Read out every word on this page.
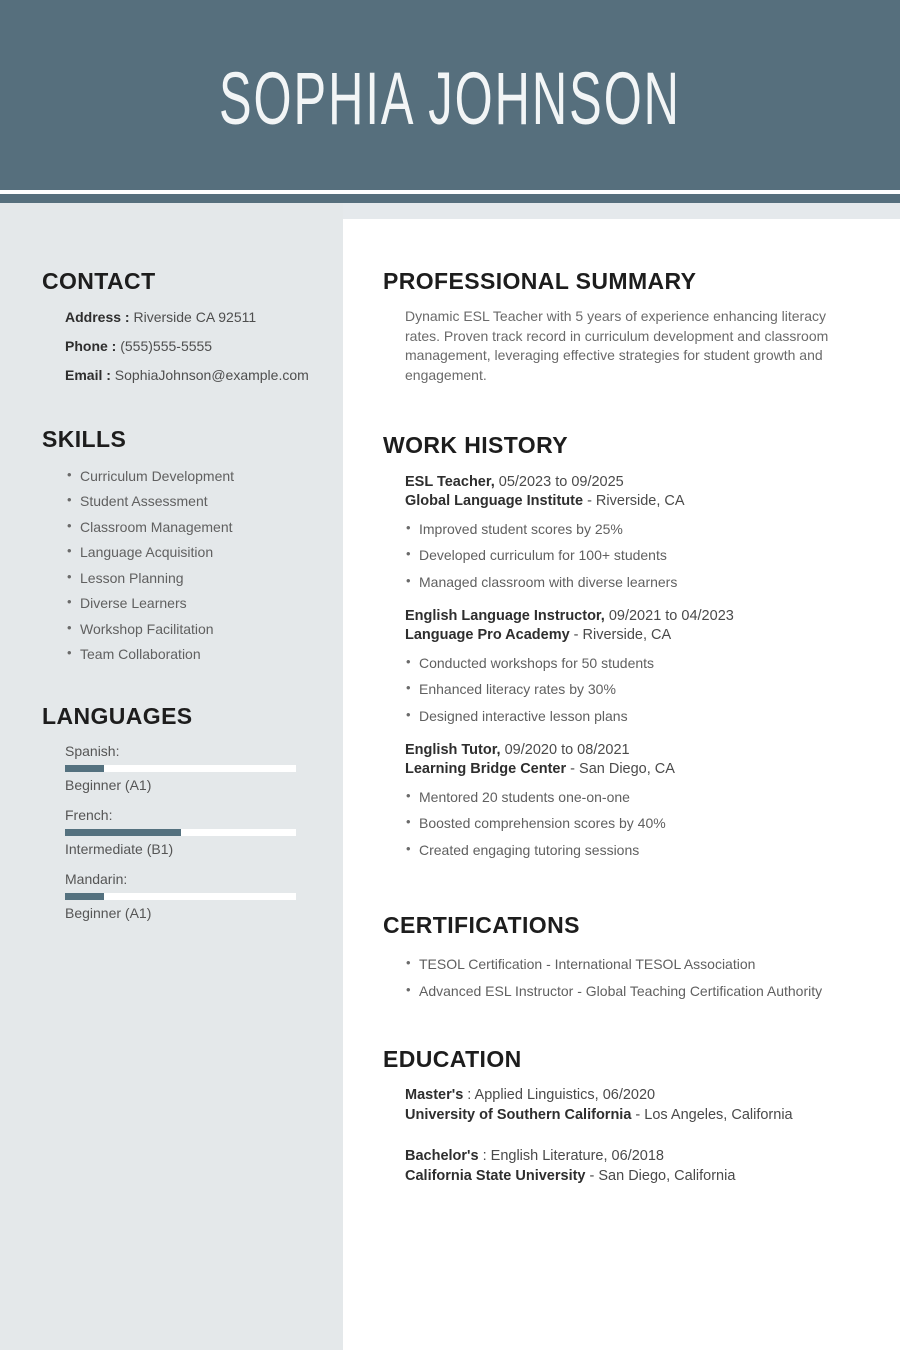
SOPHIA JOHNSON
CONTACT
Address : Riverside CA 92511
Phone : (555)555-5555
Email : SophiaJohnson@example.com
SKILLS
• Curriculum Development
• Student Assessment
• Classroom Management
• Language Acquisition
• Lesson Planning
• Diverse Learners
• Workshop Facilitation
• Team Collaboration
LANGUAGES
Spanish:
Beginner (A1)
French:
Intermediate (B1)
Mandarin:
Beginner (A1)
PROFESSIONAL SUMMARY

Dynamic ESL Teacher with 5 years of experience enhancing literacy rates. Proven track record in curriculum development and classroom management, leveraging effective strategies for student growth and engagement.

WORK HISTORY
ESL Teacher, 05/2023 to 09/2025
Global Language Institute - Riverside, CA
• Improved student scores by 25%
• Developed curriculum for 100+ students
• Managed classroom with diverse learners
English Language Instructor, 09/2021 to 04/2023
Language Pro Academy - Riverside, CA
• Conducted workshops for 50 students
• Enhanced literacy rates by 30%
• Designed interactive lesson plans
English Tutor, 09/2020 to 08/2021
Learning Bridge Center - San Diego, CA
• Mentored 20 students one-on-one
• Boosted comprehension scores by 40%
• Created engaging tutoring sessions
CERTIFICATIONS
• TESOL Certification - International TESOL Association
• Advanced ESL Instructor - Global Teaching Certification Authority
EDUCATION
Master's : Applied Linguistics, 06/2020
University of Southern California - Los Angeles, California
Bachelor's : English Literature, 06/2018
California State University - San Diego, California
